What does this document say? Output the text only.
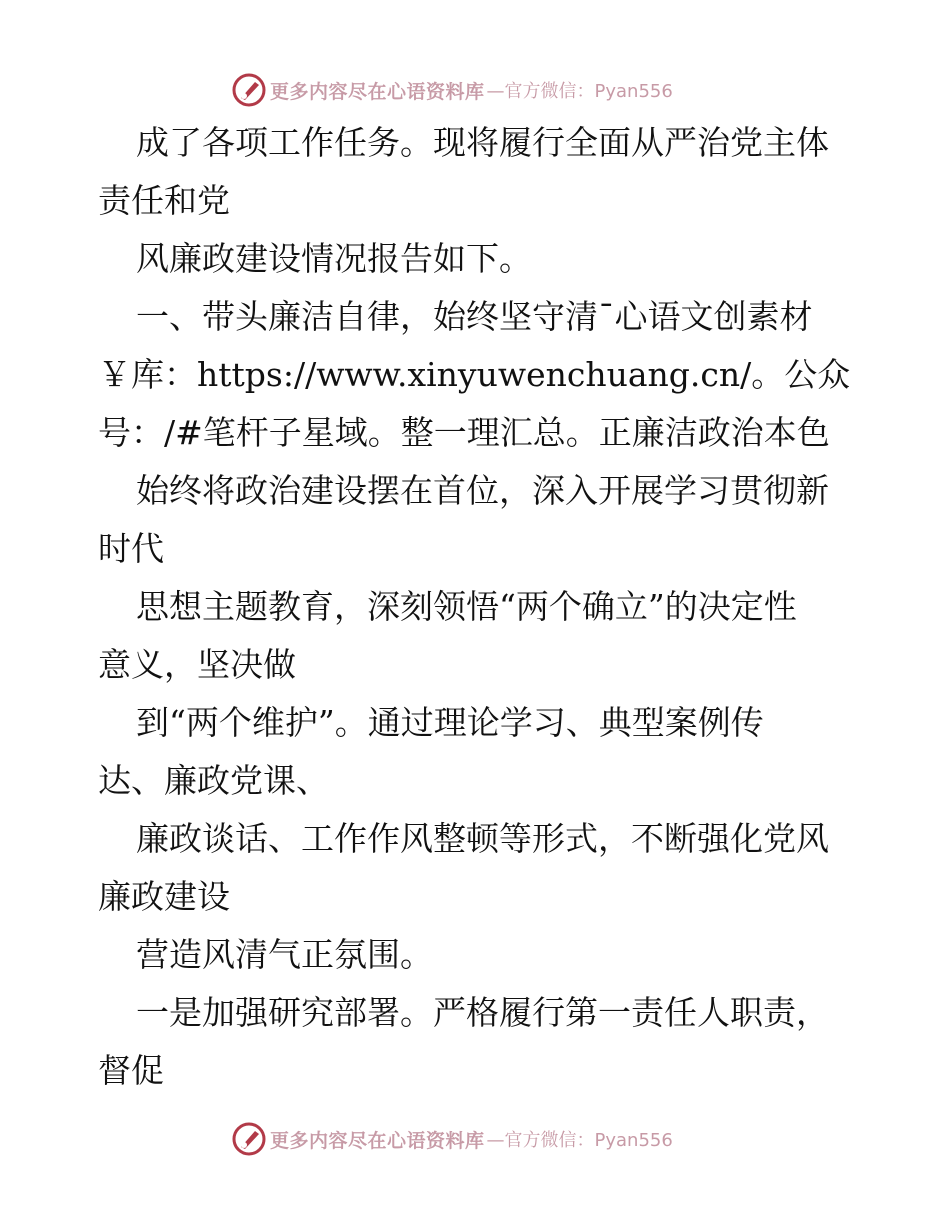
更多内容尽在心语资料库 —官方微信：Pyan556
成了各项工作任务。现将履行全面从严治党主体
责任和党
风廉政建设情况报告如下。
一、带头廉洁自律，始终坚守清¯心语文创素材
￥库：https://www.xinyuwenchuang.cn/。公众
号：/#笔杆子星域。整一理汇总。正廉洁政治本色
始终将政治建设摆在首位，深入开展学习贯彻新
时代
思想主题教育，深刻领悟“两个确立”的决定性
意义，坚决做
到“两个维护”。通过理论学习、典型案例传
达、廉政党课、
廉政谈话、工作作风整顿等形式，不断强化党风
廉政建设
营造风清气正氛围。
一是加强研究部署。严格履行第一责任人职责，
督促
更多内容尽在心语资料库 —官方微信：Pyan556
